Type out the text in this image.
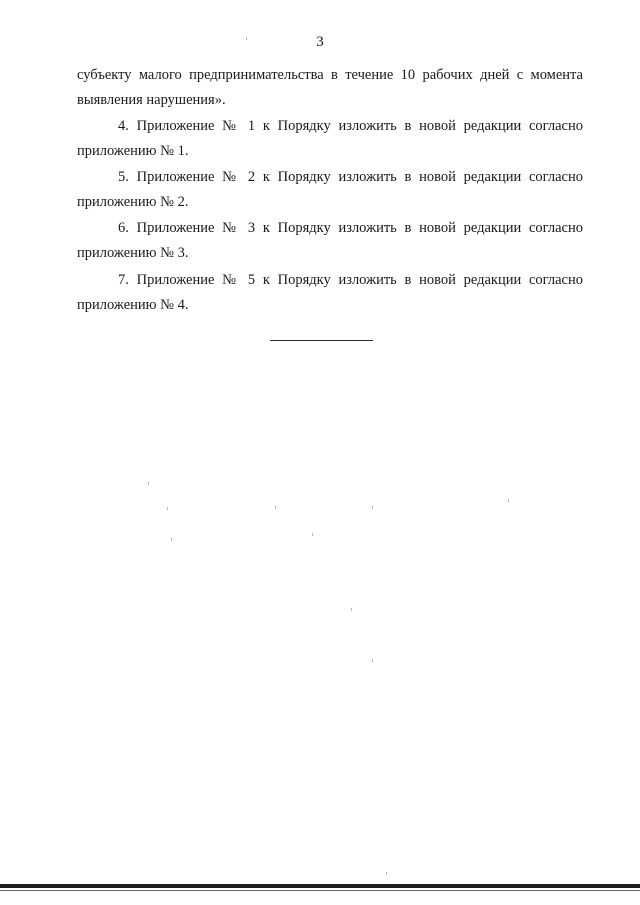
3
субъекту малого предпринимательства в течение 10 рабочих дней с момента
выявления нарушения».
4. Приложение № 1 к Порядку изложить в новой редакции согласно
приложению № 1.
5. Приложение № 2 к Порядку изложить в новой редакции согласно
приложению № 2.
6. Приложение № 3 к Порядку изложить в новой редакции согласно
приложению № 3.
7. Приложение № 5 к Порядку изложить в новой редакции согласно
приложению № 4.
